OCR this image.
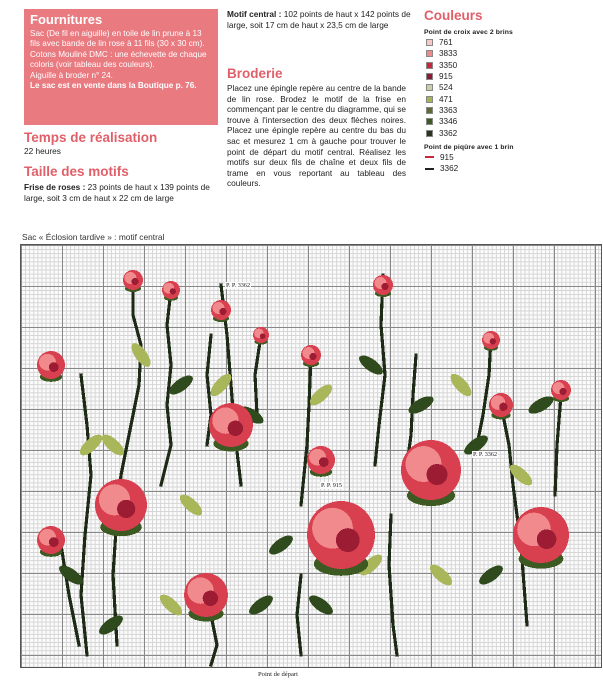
Fournitures

Sac (De fil en aiguille) en toile de lin prune à 13 fils avec bande de lin rose à 11 fils (30 x 30 cm).

Cotons Mouliné DMC : une échevette de chaque coloris (voir tableau des couleurs).

Aiguille à broder n° 24.

Le sac est en vente dans la Boutique p. 76.

Temps de réalisation
22 heures
Taille des motifs
Frise de roses : 23 points de haut x 139 points de large, soit 3 cm de haut x 22 cm de large
Motif central : 102 points de haut x 142 points de large, soit 17 cm de haut x 23,5 cm de large
Broderie
Placez une épingle repère au centre de la bande de lin rose. Brodez le motif de la frise en commençant par le centre du diagramme, qui se trouve à l'intersection des deux flèches noires. Placez une épingle repère au centre du bas du sac et mesurez 1 cm à gauche pour trouver le point de départ du motif central. Réalisez les motifs sur deux fils de chaîne et deux fils de trame en vous reportant au tableau des couleurs.
Couleurs
Point de croix avec 2 brins
761
3833
3350
915
524
471
3363
3346
3362
Point de piqûre avec 1 brin
915
3362
Sac « Éclosion tardive » : motif central
P. P. 3362
P. P. 3362
P. P. 915
Point de départ
